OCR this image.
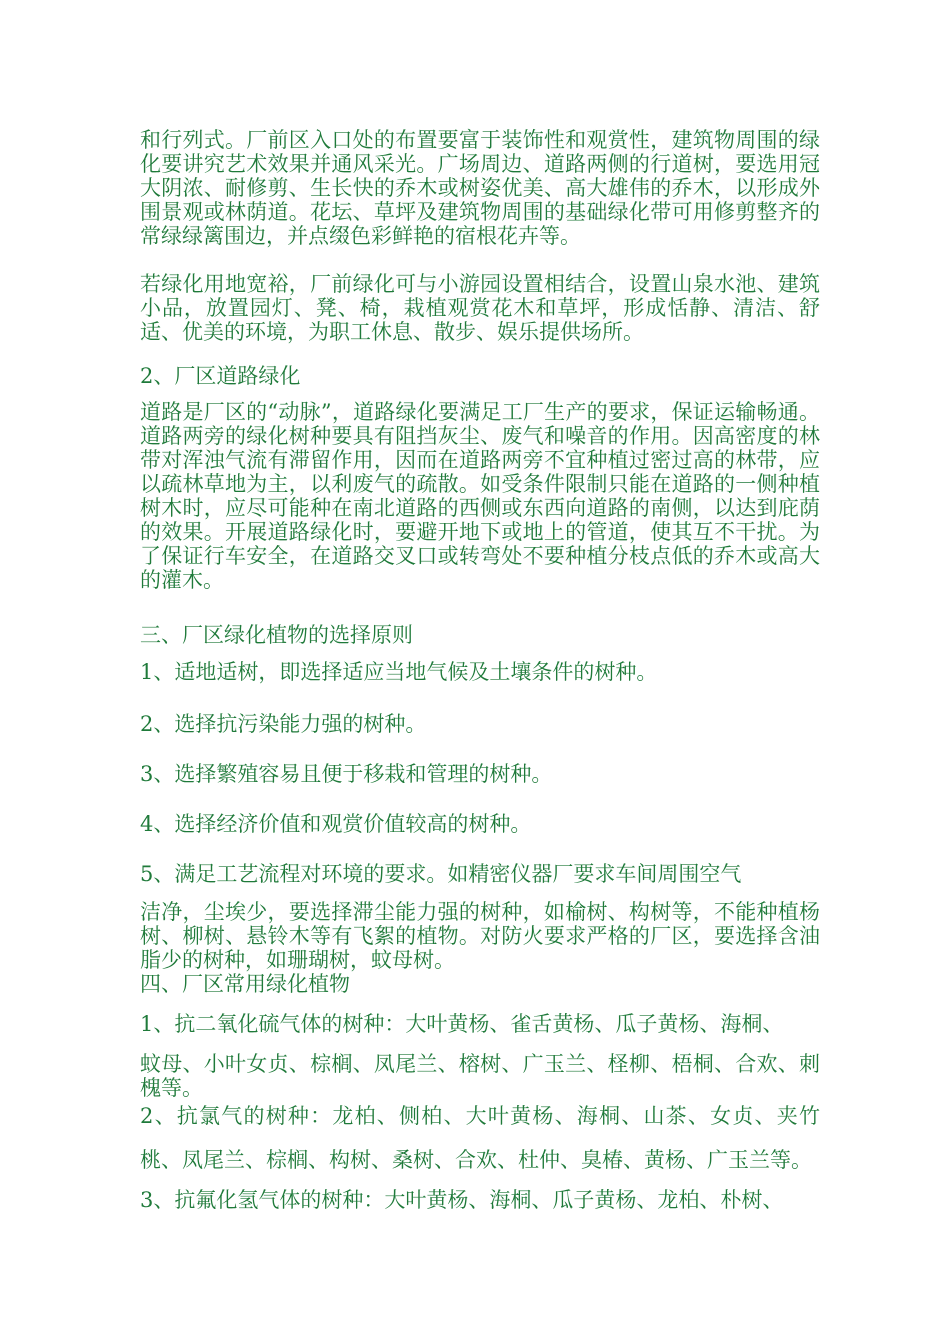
和行列式。厂前区入口处的布置要富于装饰性和观赏性，建筑物周围的绿化要讲究艺术效果并通风采光。广场周边、道路两侧的行道树，要选用冠大阴浓、耐修剪、生长快的乔木或树姿优美、高大雄伟的乔木，以形成外围景观或林荫道。花坛、草坪及建筑物周围的基础绿化带可用修剪整齐的常绿绿篱围边，并点缀色彩鲜艳的宿根花卉等。

若绿化用地宽裕，厂前绿化可与小游园设置相结合，设置山泉水池、建筑小品，放置园灯、凳、椅，栽植观赏花木和草坪，形成恬静、清洁、舒适、优美的环境，为职工休息、散步、娱乐提供场所。

2、厂区道路绿化

道路是厂区的“动脉”，道路绿化要满足工厂生产的要求，保证运输畅通。道路两旁的绿化树种要具有阻挡灰尘、废气和噪音的作用。因高密度的林带对浑浊气流有滞留作用，因而在道路两旁不宜种植过密过高的林带，应以疏林草地为主，以利废气的疏散。如受条件限制只能在道路的一侧种植树木时，应尽可能种在南北道路的西侧或东西向道路的南侧，以达到庇荫的效果。开展道路绿化时，要避开地下或地上的管道，使其互不干扰。为了保证行车安全，在道路交叉口或转弯处不要种植分枝点低的乔木或高大的灌木。

三、厂区绿化植物的选择原则

1、适地适树，即选择适应当地气候及土壤条件的树种。

2、选择抗污染能力强的树种。

3、选择繁殖容易且便于移栽和管理的树种。

4、选择经济价值和观赏价值较高的树种。

5、满足工艺流程对环境的要求。如精密仪器厂要求车间周围空气

洁净，尘埃少，要选择滞尘能力强的树种，如榆树、构树等，不能种植杨树、柳树、悬铃木等有飞絮的植物。对防火要求严格的厂区，要选择含油脂少的树种，如珊瑚树，蚊母树。

四、厂区常用绿化植物

1、抗二氧化硫气体的树种：大叶黄杨、雀舌黄杨、瓜子黄杨、海桐、

蚊母、小叶女贞、棕榈、凤尾兰、榕树、广玉兰、柽柳、梧桐、合欢、刺槐等。

2、抗氯气的树种：龙柏、侧柏、大叶黄杨、海桐、山茶、女贞、夹竹桃、凤尾兰、棕榈、构树、桑树、合欢、杜仲、臭椿、黄杨、广玉兰等。

3、抗氟化氢气体的树种：大叶黄杨、海桐、瓜子黄杨、龙柏、朴树、
